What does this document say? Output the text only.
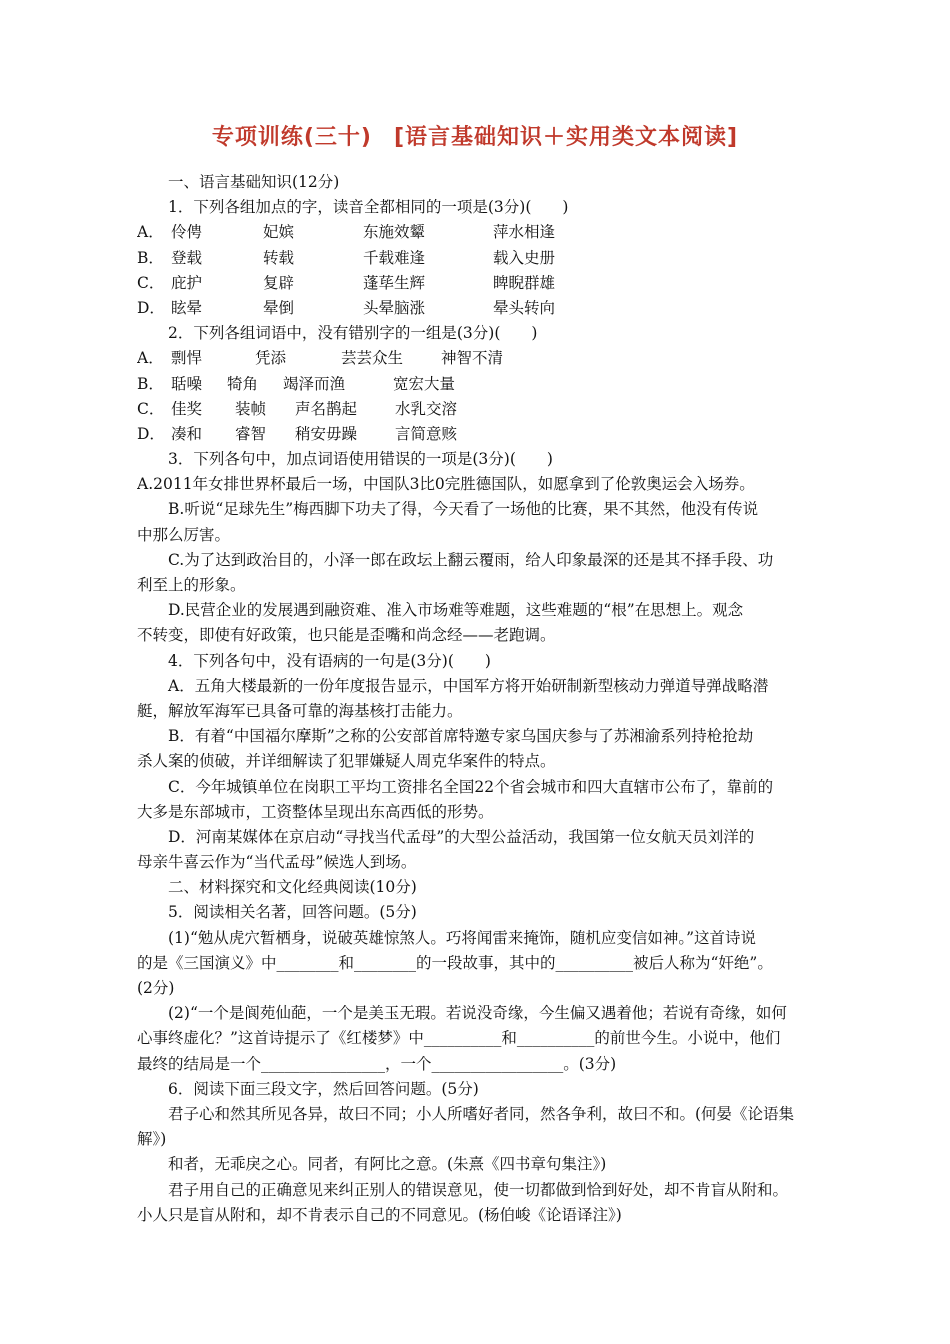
专项训练(三十) [语言基础知识＋实用类文本阅读]
一、语言基础知识(12分)
1．下列各组加点的字，读音全都相同的一项是(3分)(　　)
A． 伶俜	妃嫔	东施效颦	萍水相逢
B． 登载	转载	千载难逢	载入史册
C． 庇护	复辟	蓬荜生辉	睥睨群雄
D． 眩晕	晕倒	头晕脑涨	晕头转向
2．下列各组词语中，没有错别字的一组是(3分)(　　)
A． 剽悍	凭添	芸芸众生	神智不清
B． 聒噪	犄角	竭泽而渔	宽宏大量
C． 佳奖	装帧	声名鹊起	水乳交溶
D． 凑和	睿智	稍安毋躁	言简意赅
3．下列各句中，加点词语使用错误的一项是(3分)(　　)
A.2011年女排世界杯最后一场，中国队3比0完胜德国队，如愿拿到了伦敦奥运会入场券。
B.听说“足球先生”梅西脚下功夫了得，今天看了一场他的比赛，果不其然，他没有传说
中那么厉害。
C.为了达到政治目的，小泽一郎在政坛上翻云覆雨，给人印象最深的还是其不择手段、功
利至上的形象。
D.民营企业的发展遇到融资难、准入市场难等难题，这些难题的“根”在思想上。观念
不转变，即使有好政策，也只能是歪嘴和尚念经——老跑调。
4．下列各句中，没有语病的一句是(3分)(　　)
A．五角大楼最新的一份年度报告显示，中国军方将开始研制新型核动力弹道导弹战略潜
艇，解放军海军已具备可靠的海基核打击能力。
B．有着“中国福尔摩斯”之称的公安部首席特邀专家乌国庆参与了苏湘渝系列持枪抢劫
杀人案的侦破，并详细解读了犯罪嫌疑人周克华案件的特点。
C．今年城镇单位在岗职工平均工资排名全国22个省会城市和四大直辖市公布了，靠前的
大多是东部城市，工资整体呈现出东高西低的形势。
D．河南某媒体在京启动“寻找当代孟母”的大型公益活动，我国第一位女航天员刘洋的
母亲牛喜云作为“当代孟母”候选人到场。
二、材料探究和文化经典阅读(10分)
5．阅读相关名著，回答问题。(5分)
(1)“勉从虎穴暂栖身，说破英雄惊煞人。巧将闻雷来掩饰，随机应变信如神。”这首诗说
的是《三国演义》中________和________的一段故事，其中的__________被后人称为“奸绝”。
(2分)
(2)“一个是阆苑仙葩，一个是美玉无瑕。若说没奇缘，今生偏又遇着他；若说有奇缘，如何
心事终虚化？”这首诗提示了《红楼梦》中__________和__________的前世今生。小说中，他们
最终的结局是一个________________，一个_________________。(3分)
6．阅读下面三段文字，然后回答问题。(5分)
君子心和然其所见各异，故曰不同；小人所嗜好者同，然各争利，故曰不和。(何晏《论语集
解》)
和者，无乖戾之心。同者，有阿比之意。(朱熹《四书章句集注》)
君子用自己的正确意见来纠正别人的错误意见，使一切都做到恰到好处，却不肯盲从附和。
小人只是盲从附和，却不肯表示自己的不同意见。(杨伯峻《论语译注》)
